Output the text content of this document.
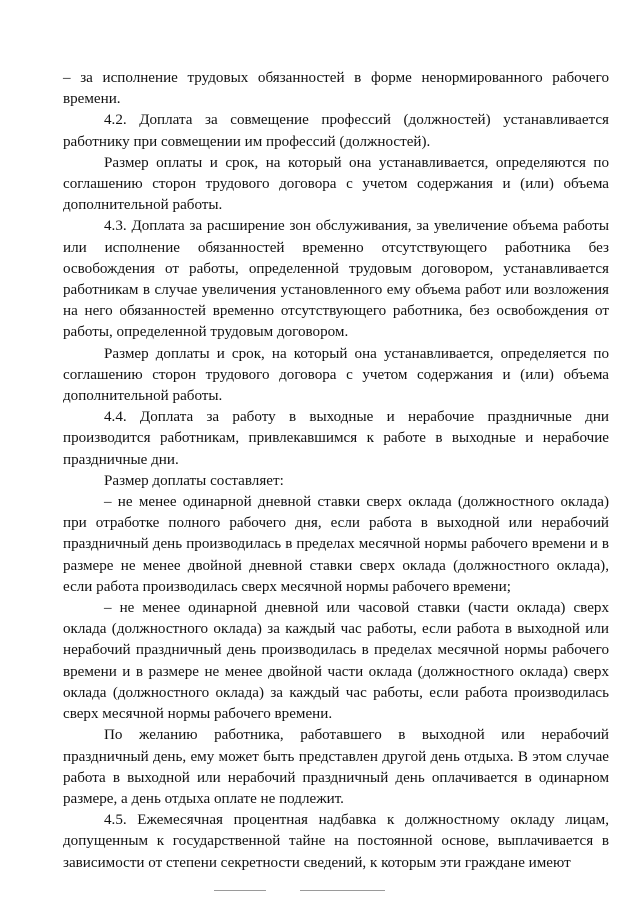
– за исполнение трудовых обязанностей в форме ненормированного рабочего времени.

4.2. Доплата за совмещение профессий (должностей) устанавливается работнику при совмещении им профессий (должностей).

Размер оплаты и срок, на который она устанавливается, определяются по соглашению сторон трудового договора с учетом содержания и (или) объема дополнительной работы.

4.3. Доплата за расширение зон обслуживания, за увеличение объема работы или исполнение обязанностей временно отсутствующего работника без освобождения от работы, определенной трудовым договором, устанавливается работникам в случае увеличения установленного ему объема работ или возложения на него обязанностей временно отсутствующего работника, без освобождения от работы, определенной трудовым договором.

Размер доплаты и срок, на который она устанавливается, определяется по соглашению сторон трудового договора с учетом содержания и (или) объема дополнительной работы.

4.4. Доплата за работу в выходные и нерабочие праздничные дни производится работникам, привлекавшимся к работе в выходные и нерабочие праздничные дни.

Размер доплаты составляет:

– не менее одинарной дневной ставки сверх оклада (должностного оклада) при отработке полного рабочего дня, если работа в выходной или нерабочий праздничный день производилась в пределах месячной нормы рабочего времени и в размере не менее двойной дневной ставки сверх оклада (должностного оклада), если работа производилась сверх месячной нормы рабочего времени;

– не менее одинарной дневной или часовой ставки (части оклада) сверх оклада (должностного оклада) за каждый час работы, если работа в выходной или нерабочий праздничный день производилась в пределах месячной нормы рабочего времени и в размере не менее двойной части оклада (должностного оклада) сверх оклада (должностного оклада) за каждый час работы, если работа производилась сверх месячной нормы рабочего времени.

По желанию работника, работавшего в выходной или нерабочий праздничный день, ему может быть представлен другой день отдыха. В этом случае работа в выходной или нерабочий праздничный день оплачивается в одинарном размере, а день отдыха оплате не подлежит.

4.5. Ежемесячная процентная надбавка к должностному окладу лицам, допущенным к государственной тайне на постоянной основе, выплачивается в зависимости от степени секретности сведений, к которым эти граждане имеют
